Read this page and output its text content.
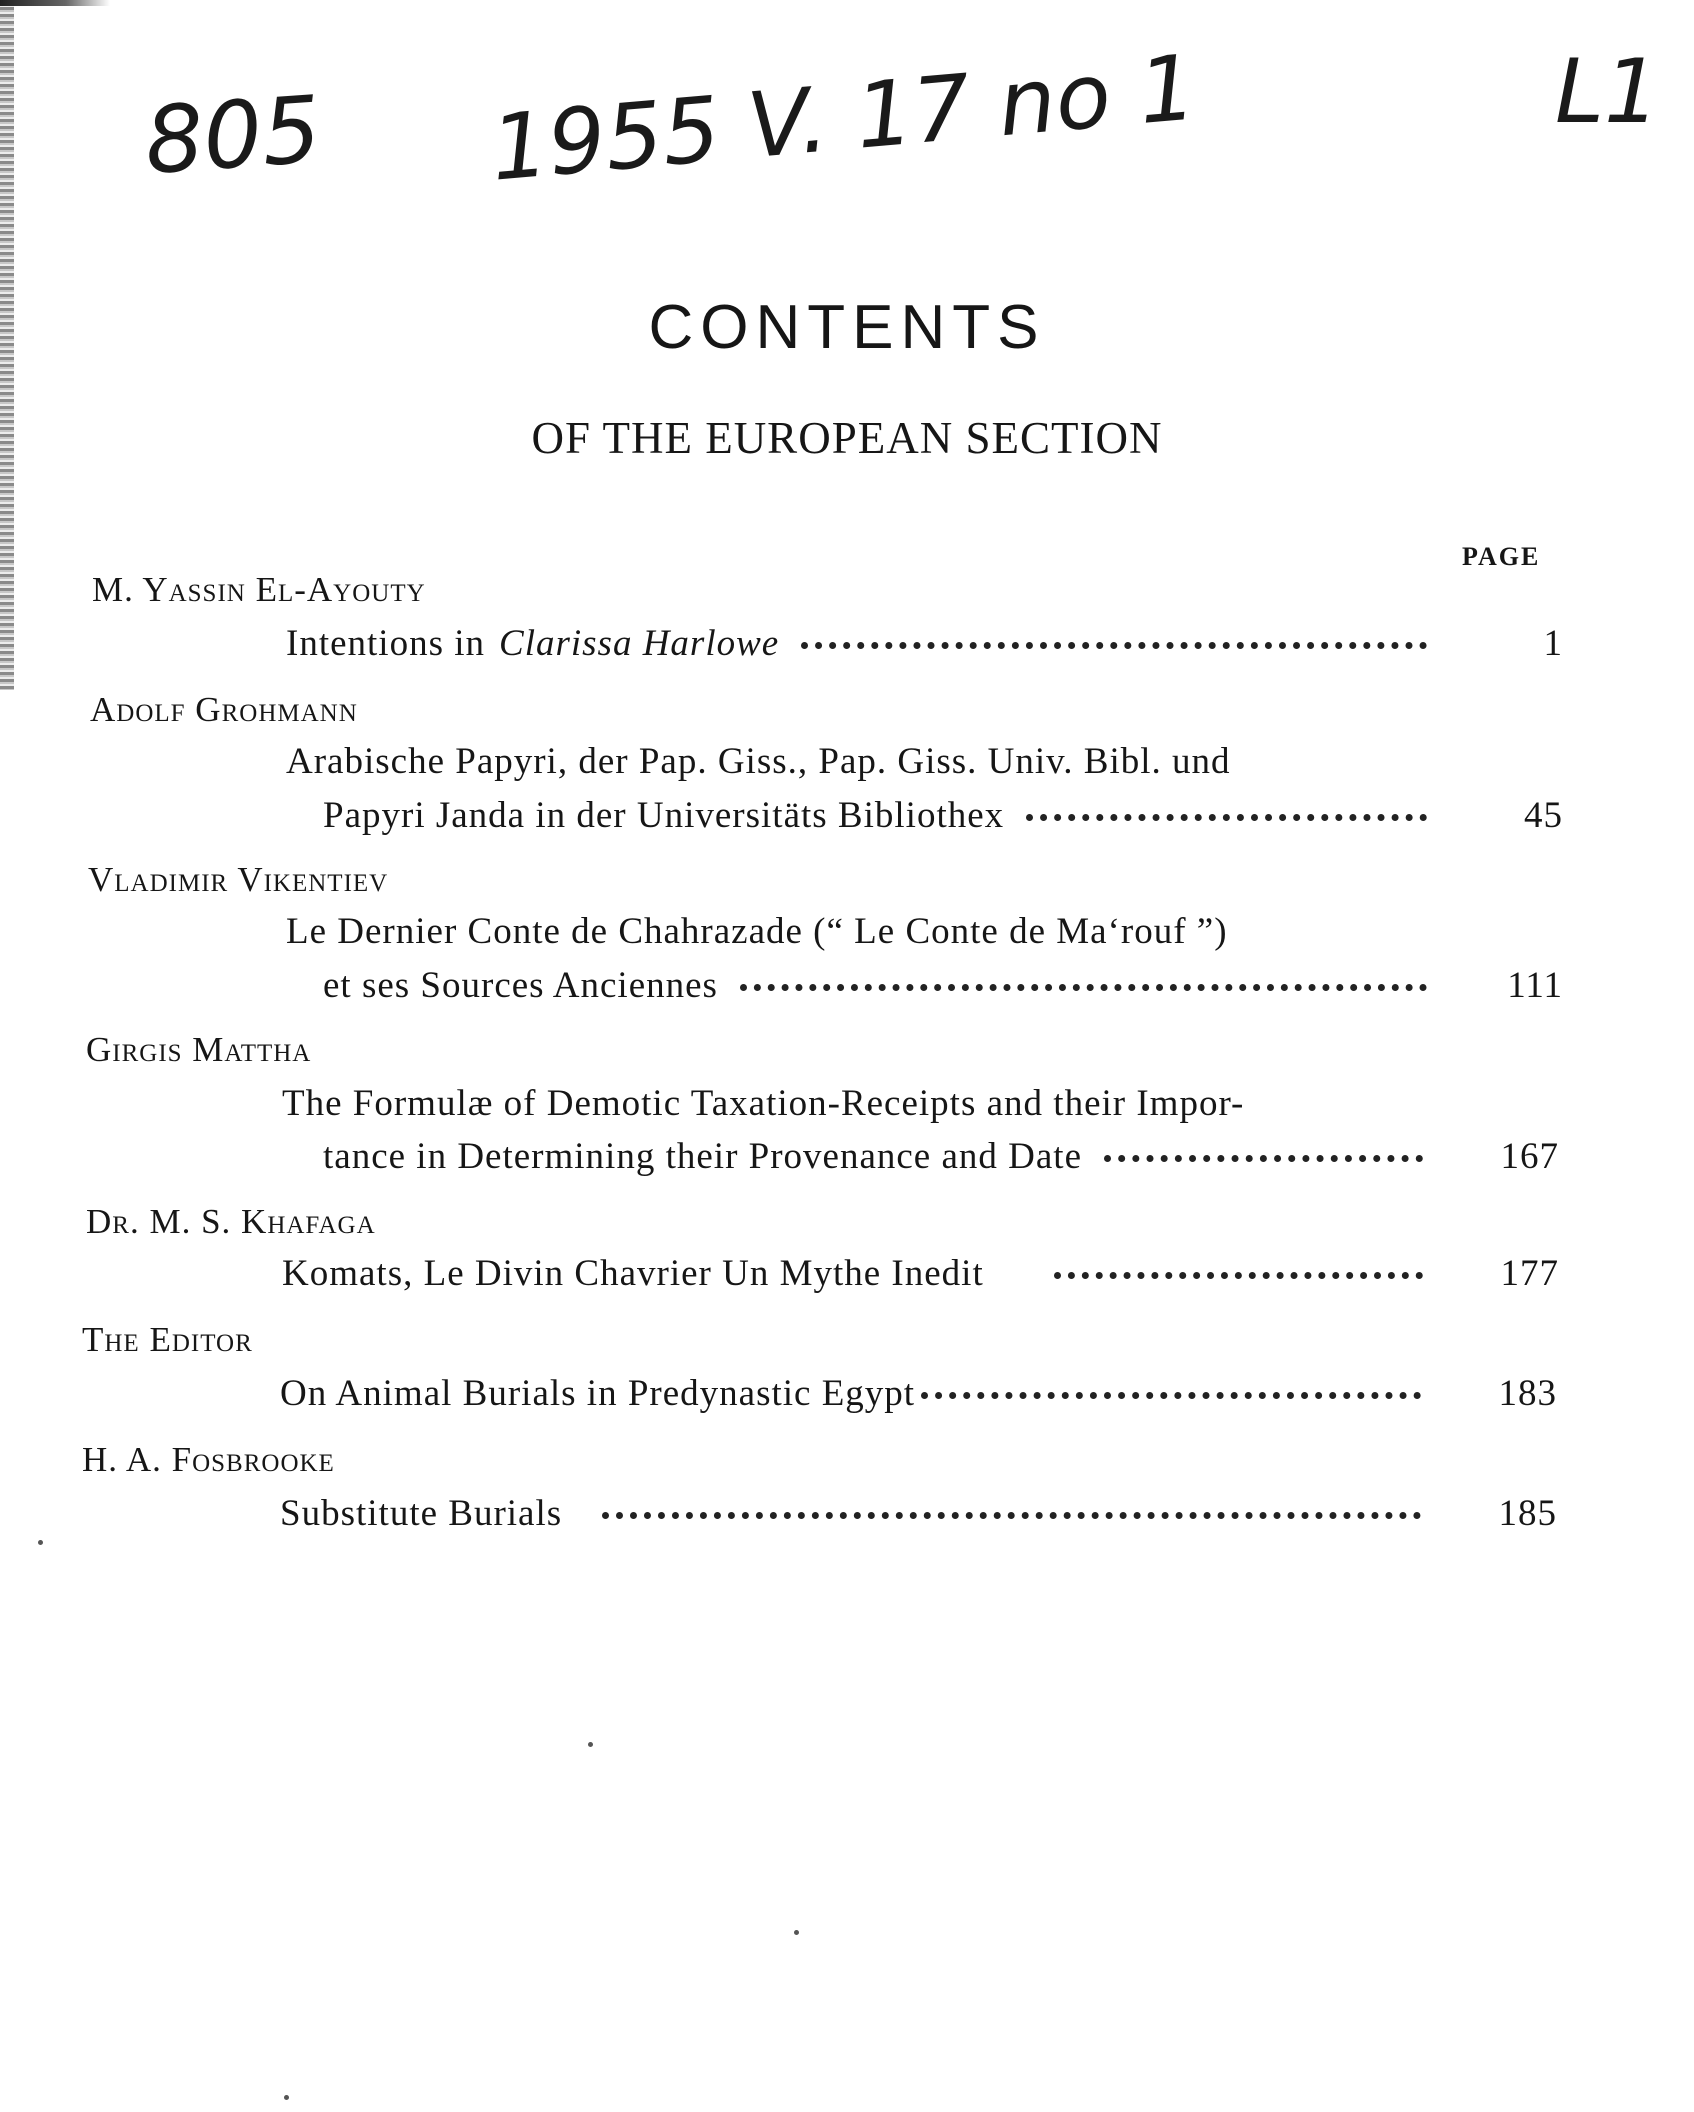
805 1955 V. 17 no 1	L1
CONTENTS
OF THE EUROPEAN SECTION
PAGE
M. Yassin El-Ayouty
Intentions in Clarissa Harlowe	1
Adolf Grohmann
Arabische Papyri, der Pap. Giss., Pap. Giss. Univ. Bibl. und
Papyri Janda in der Universitäts Bibliothex	45
Vladimir Vikentiev
Le Dernier Conte de Chahrazade (“ Le Conte de Ma‘rouf ”)
et ses Sources Anciennes	111
Girgis Mattha
The Formulæ of Demotic Taxation-Receipts and their Impor-
tance in Determining their Provenance and Date	167
Dr. M. S. Khafaga
Komats, Le Divin Chavrier Un Mythe Inedit	177
The Editor
On Animal Burials in Predynastic Egypt	183
H. A. Fosbrooke
Substitute Burials	185
